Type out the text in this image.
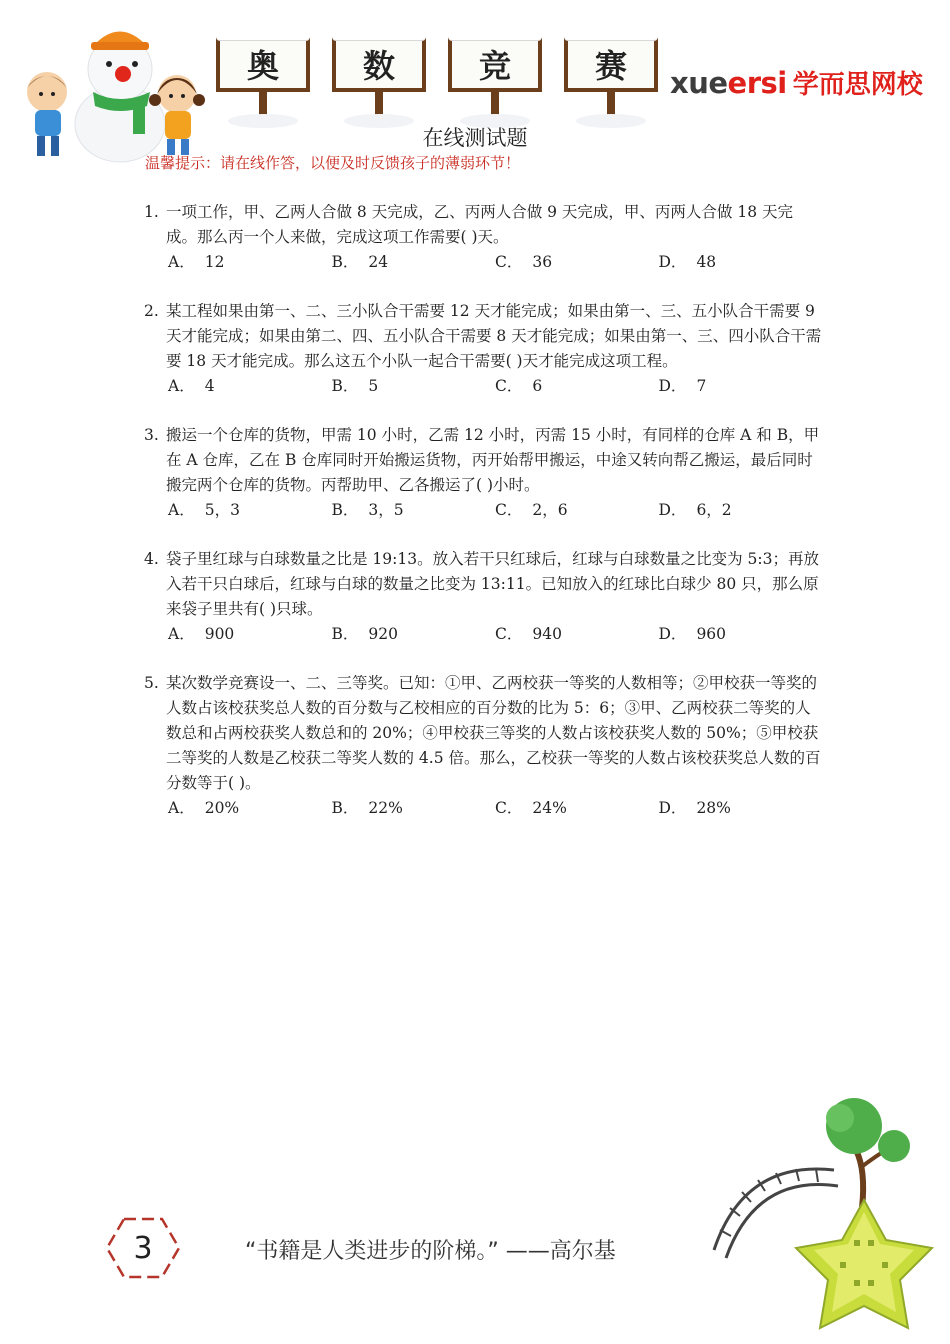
奥	数	竞	赛	xueersi 学而思网校
在线测试题
温馨提示：请在线作答，以便及时反馈孩子的薄弱环节！
1. 一项工作，甲、乙两人合做 8 天完成，乙、丙两人合做 9 天完成，甲、丙两人合做 18 天完成。那么丙一个人来做，完成这项工作需要( )天。
A． 12	B． 24	C． 36	D． 48
2. 某工程如果由第一、二、三小队合干需要 12 天才能完成；如果由第一、三、五小队合干需要 9 天才能完成；如果由第二、四、五小队合干需要 8 天才能完成；如果由第一、三、四小队合干需要 18 天才能完成。那么这五个小队一起合干需要( )天才能完成这项工程。
A． 4	B． 5	C． 6	D． 7
3. 搬运一个仓库的货物，甲需 10 小时，乙需 12 小时，丙需 15 小时，有同样的仓库 A 和 B，甲在 A 仓库，乙在 B 仓库同时开始搬运货物，丙开始帮甲搬运，中途又转向帮乙搬运，最后同时搬完两个仓库的货物。丙帮助甲、乙各搬运了( )小时。
A． 5，3	B． 3，5	C． 2，6	D． 6，2
4. 袋子里红球与白球数量之比是 19:13。放入若干只红球后，红球与白球数量之比变为 5:3；再放入若干只白球后，红球与白球的数量之比变为 13:11。已知放入的红球比白球少 80 只，那么原来袋子里共有( )只球。
A． 900	B． 920	C． 940	D． 960
5. 某次数学竞赛设一、二、三等奖。已知：①甲、乙两校获一等奖的人数相等；②甲校获一等奖的人数占该校获奖总人数的百分数与乙校相应的百分数的比为 5：6；③甲、乙两校获二等奖的人数总和占两校获奖人数总和的 20%；④甲校获三等奖的人数占该校获奖人数的 50%；⑤甲校获二等奖的人数是乙校获二等奖人数的 4.5 倍。那么，乙校获一等奖的人数占该校获奖总人数的百分数等于( )。
A． 20%	B． 22%	C． 24%	D． 28%
3	“书籍是人类进步的阶梯。” ——高尔基
